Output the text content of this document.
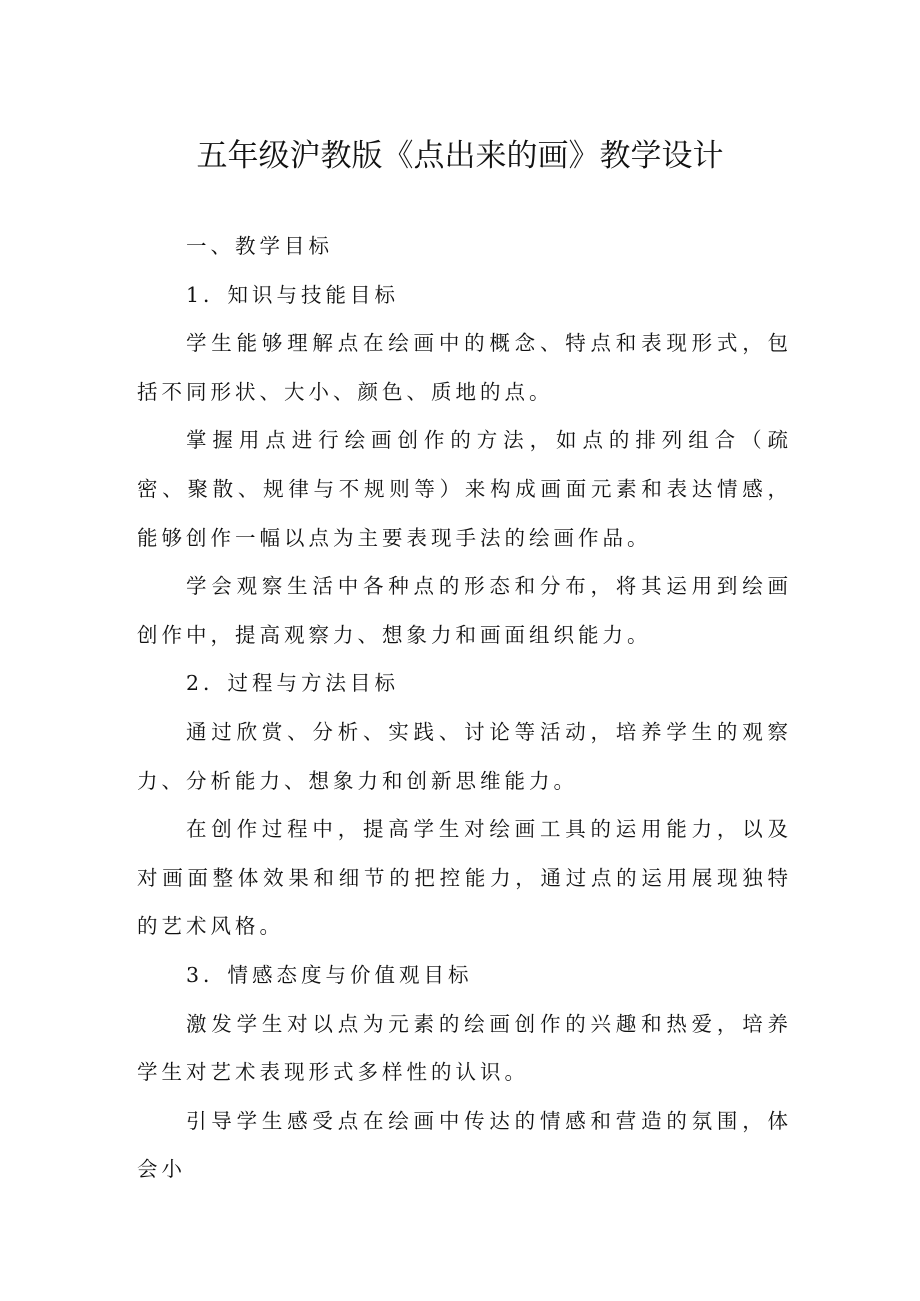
五年级沪教版《点出来的画》教学设计

一、教学目标

1．知识与技能目标

学生能够理解点在绘画中的概念、特点和表现形式，包括不同形状、大小、颜色、质地的点。

掌握用点进行绘画创作的方法，如点的排列组合（疏密、聚散、规律与不规则等）来构成画面元素和表达情感，能够创作一幅以点为主要表现手法的绘画作品。

学会观察生活中各种点的形态和分布，将其运用到绘画创作中，提高观察力、想象力和画面组织能力。

2．过程与方法目标

通过欣赏、分析、实践、讨论等活动，培养学生的观察力、分析能力、想象力和创新思维能力。

在创作过程中，提高学生对绘画工具的运用能力，以及对画面整体效果和细节的把控能力，通过点的运用展现独特的艺术风格。

3．情感态度与价值观目标

激发学生对以点为元素的绘画创作的兴趣和热爱，培养学生对艺术表现形式多样性的认识。

引导学生感受点在绘画中传达的情感和营造的氛围，体会小
